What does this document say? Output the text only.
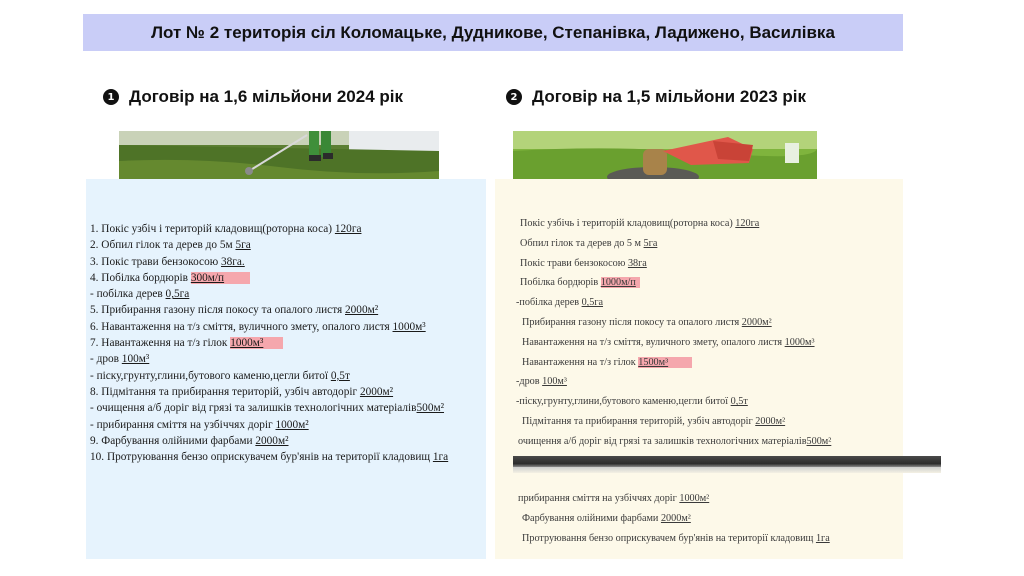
Лот № 2 територія сіл Коломацьке, Дудникове, Степанівка, Ладижено, Василівка
1 Договір на 1,6 мільйони 2024 рік	2 Договір на 1,5 мільйони 2023 рік
1. Покіс узбіч і територій кладовищ(роторна коса) 120га
2. Обпил гілок та дерев до 5м 5га
3. Покіс трави бензокосою 38га.
4. Побілка бордюрів 300м/п
- побілка дерев 0,5га
5. Прибирання газону після покосу та опалого листя 2000м²
6. Навантаження на т/з сміття, вуличного змету, опалого листя 1000м³
7. Навантаження на т/з гілок 1000м³
- дров 100м³
- піску,грунту,глини,бутового каменю,цегли битої 0,5т
8. Підмітання та прибирання територій, узбіч автодоріг 2000м²
- очищення а/б доріг від грязі та залишків технологічних матеріалів500м²
- прибирання сміття на узбіччях доріг 1000м²
9. Фарбування олійними фарбами 2000м²
10. Протруювання бензо оприскувачем бур'янів на території кладовищ 1га
Покіс узбічь і територій кладовищ(роторна коса) 120га
Обпил гілок та дерев до 5 м 5га
Покіс трави бензокосою 38га
Побілка бордюрів 1000м/п
-побілка дерев 0,5га
Прибирання газону після покосу та опалого листя 2000м²
Навантаження на т/з сміття, вуличного змету, опалого листя 1000м³
Навантаження на т/з гілок 1500м³
-дров 100м³
-піску,грунту,глини,бутового каменю,цегли битої 0,5т
Підмітання та прибирання територій, узбіч автодоріг 2000м²
очищення а/б доріг від грязі та залишків технологічних матеріалів500м²
прибирання сміття на узбіччях доріг 1000м²
Фарбування олійними фарбами 2000м²
Протруювання бензо оприскувачем бур'янів на території кладовищ 1га
